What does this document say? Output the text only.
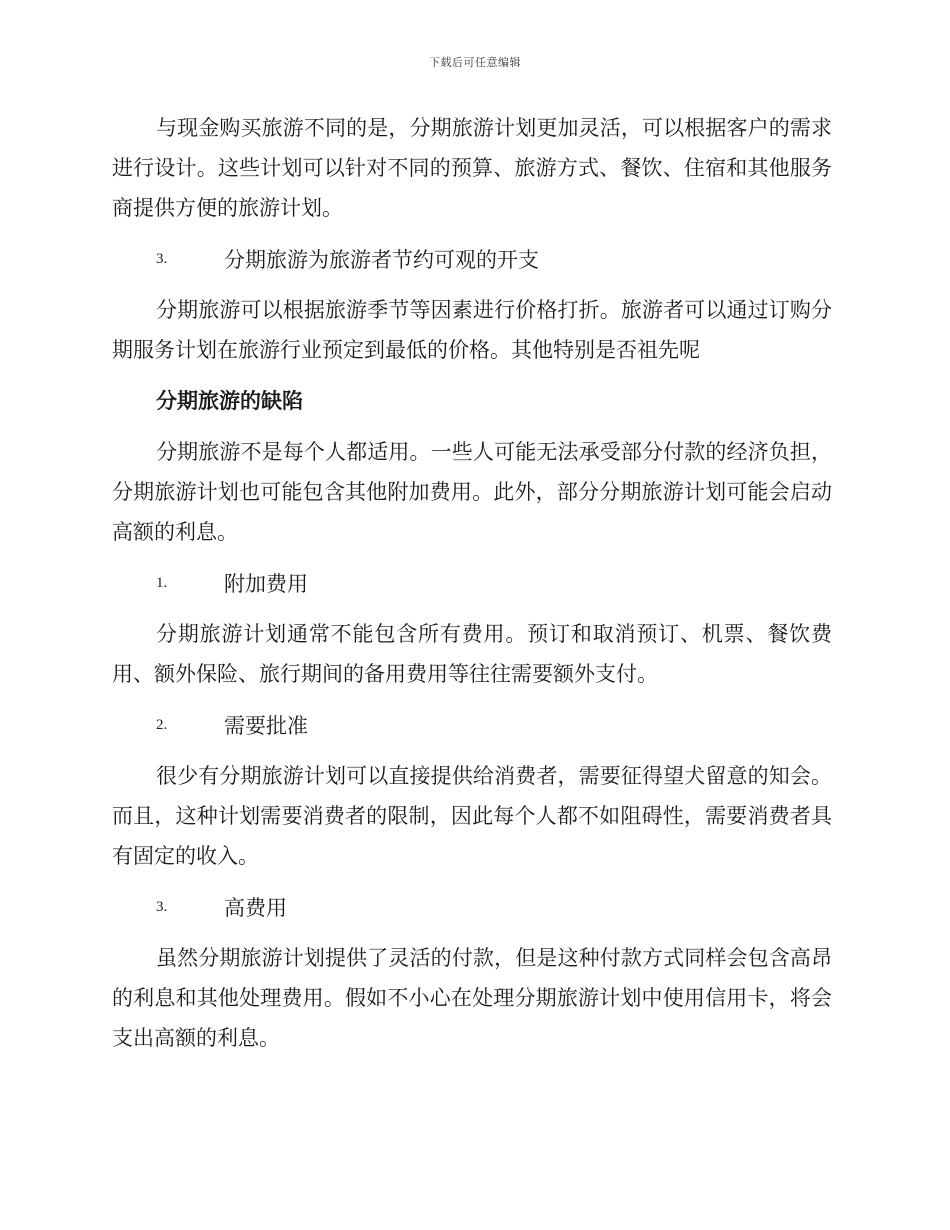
下载后可任意编辑

与现金购买旅游不同的是，分期旅游计划更加灵活，可以根据客户的需求进行设计。这些计划可以针对不同的预算、旅游方式、餐饮、住宿和其他服务商提供方便的旅游计划。

3.	分期旅游为旅游者节约可观的开支

分期旅游可以根据旅游季节等因素进行价格打折。旅游者可以通过订购分期服务计划在旅游行业预定到最低的价格。其他特别是否祖先呢

分期旅游的缺陷

分期旅游不是每个人都适用。一些人可能无法承受部分付款的经济负担，分期旅游计划也可能包含其他附加费用。此外，部分分期旅游计划可能会启动高额的利息。

1.	附加费用

分期旅游计划通常不能包含所有费用。预订和取消预订、机票、餐饮费用、额外保险、旅行期间的备用费用等往往需要额外支付。

2.	需要批准

很少有分期旅游计划可以直接提供给消费者，需要征得望犬留意的知会。而且，这种计划需要消费者的限制，因此每个人都不如阻碍性，需要消费者具有固定的收入。

3.	高费用

虽然分期旅游计划提供了灵活的付款，但是这种付款方式同样会包含高昂的利息和其他处理费用。假如不小心在处理分期旅游计划中使用信用卡，将会支出高额的利息。
